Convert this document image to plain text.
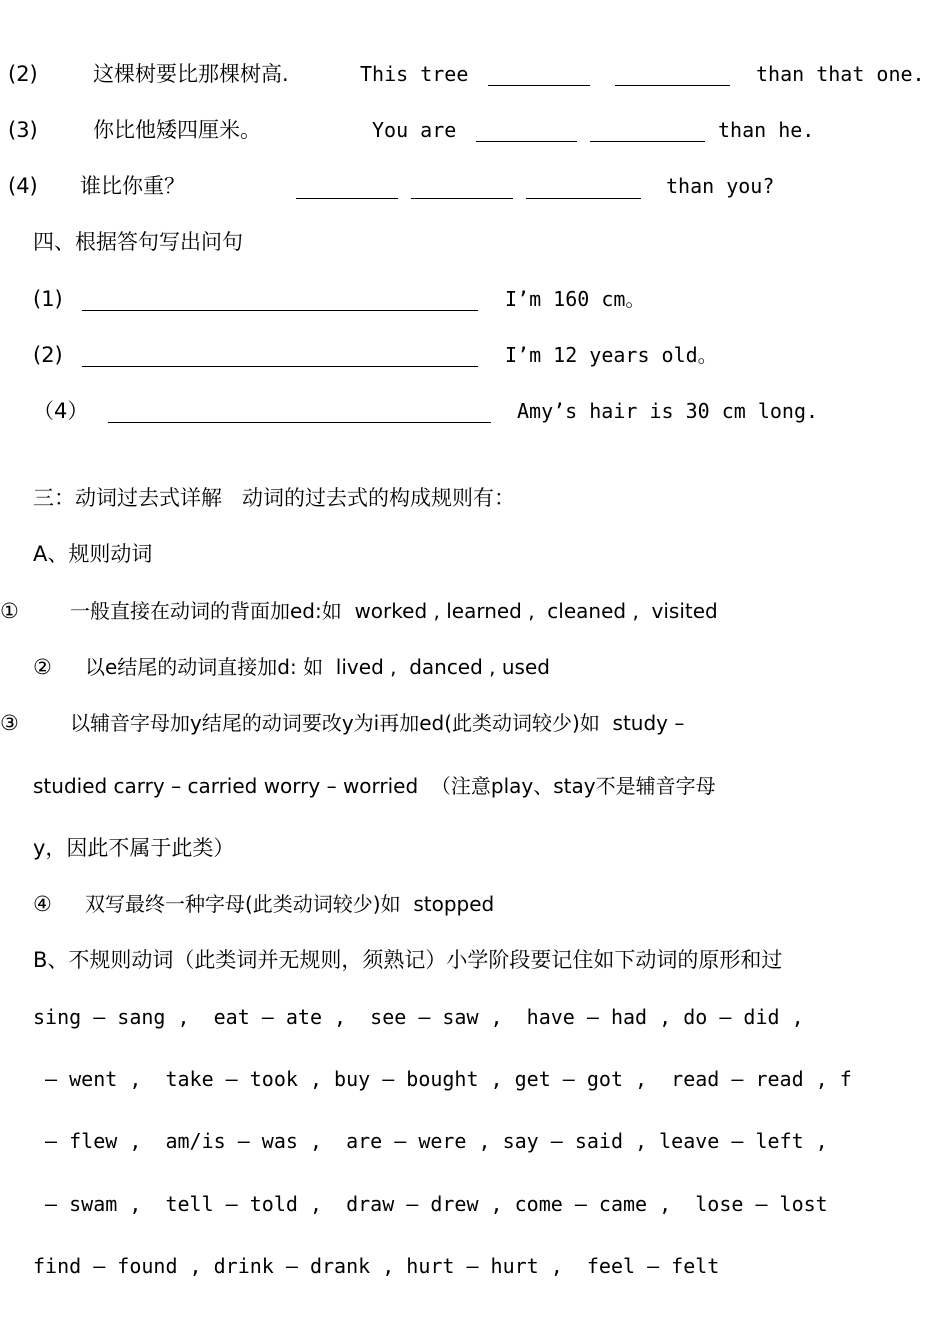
(2)	这棵树要比那棵树高.	This tree	than that one.
(3)	你比他矮四厘米。	You are	than he.
(4) 谁比你重？	than you?
四、根据答句写出问句
(1)	I’m 160 cm。
(2)	I’m 12 years old。
（4）	Amy’s hair is 30 cm long.
三：动词过去式详解   动词的过去式的构成规则有：
A、规则动词
①	一般直接在动词的背面加ed:如  worked , learned ,  cleaned ,  visited
② 以e结尾的动词直接加d: 如  lived ,  danced , used
③	以辅音字母加y结尾的动词要改y为i再加ed(此类动词较少)如  study –
studied carry – carried worry – worried  （注意play、stay不是辅音字母
y，因此不属于此类）
④ 双写最终一种字母(此类动词较少)如  stopped
B、不规则动词（此类词并无规则，须熟记）小学阶段要记住如下动词的原形和过
sing – sang ,  eat – ate ,  see – saw ,  have – had , do – did ,
– went ,  take – took , buy – bought , get – got ,  read – read , f
– flew ,  am/is – was ,  are – were , say – said , leave – left ,
– swam ,  tell – told ,  draw – drew , come – came ,  lose – lost
find – found , drink – drank , hurt – hurt ,  feel – felt
